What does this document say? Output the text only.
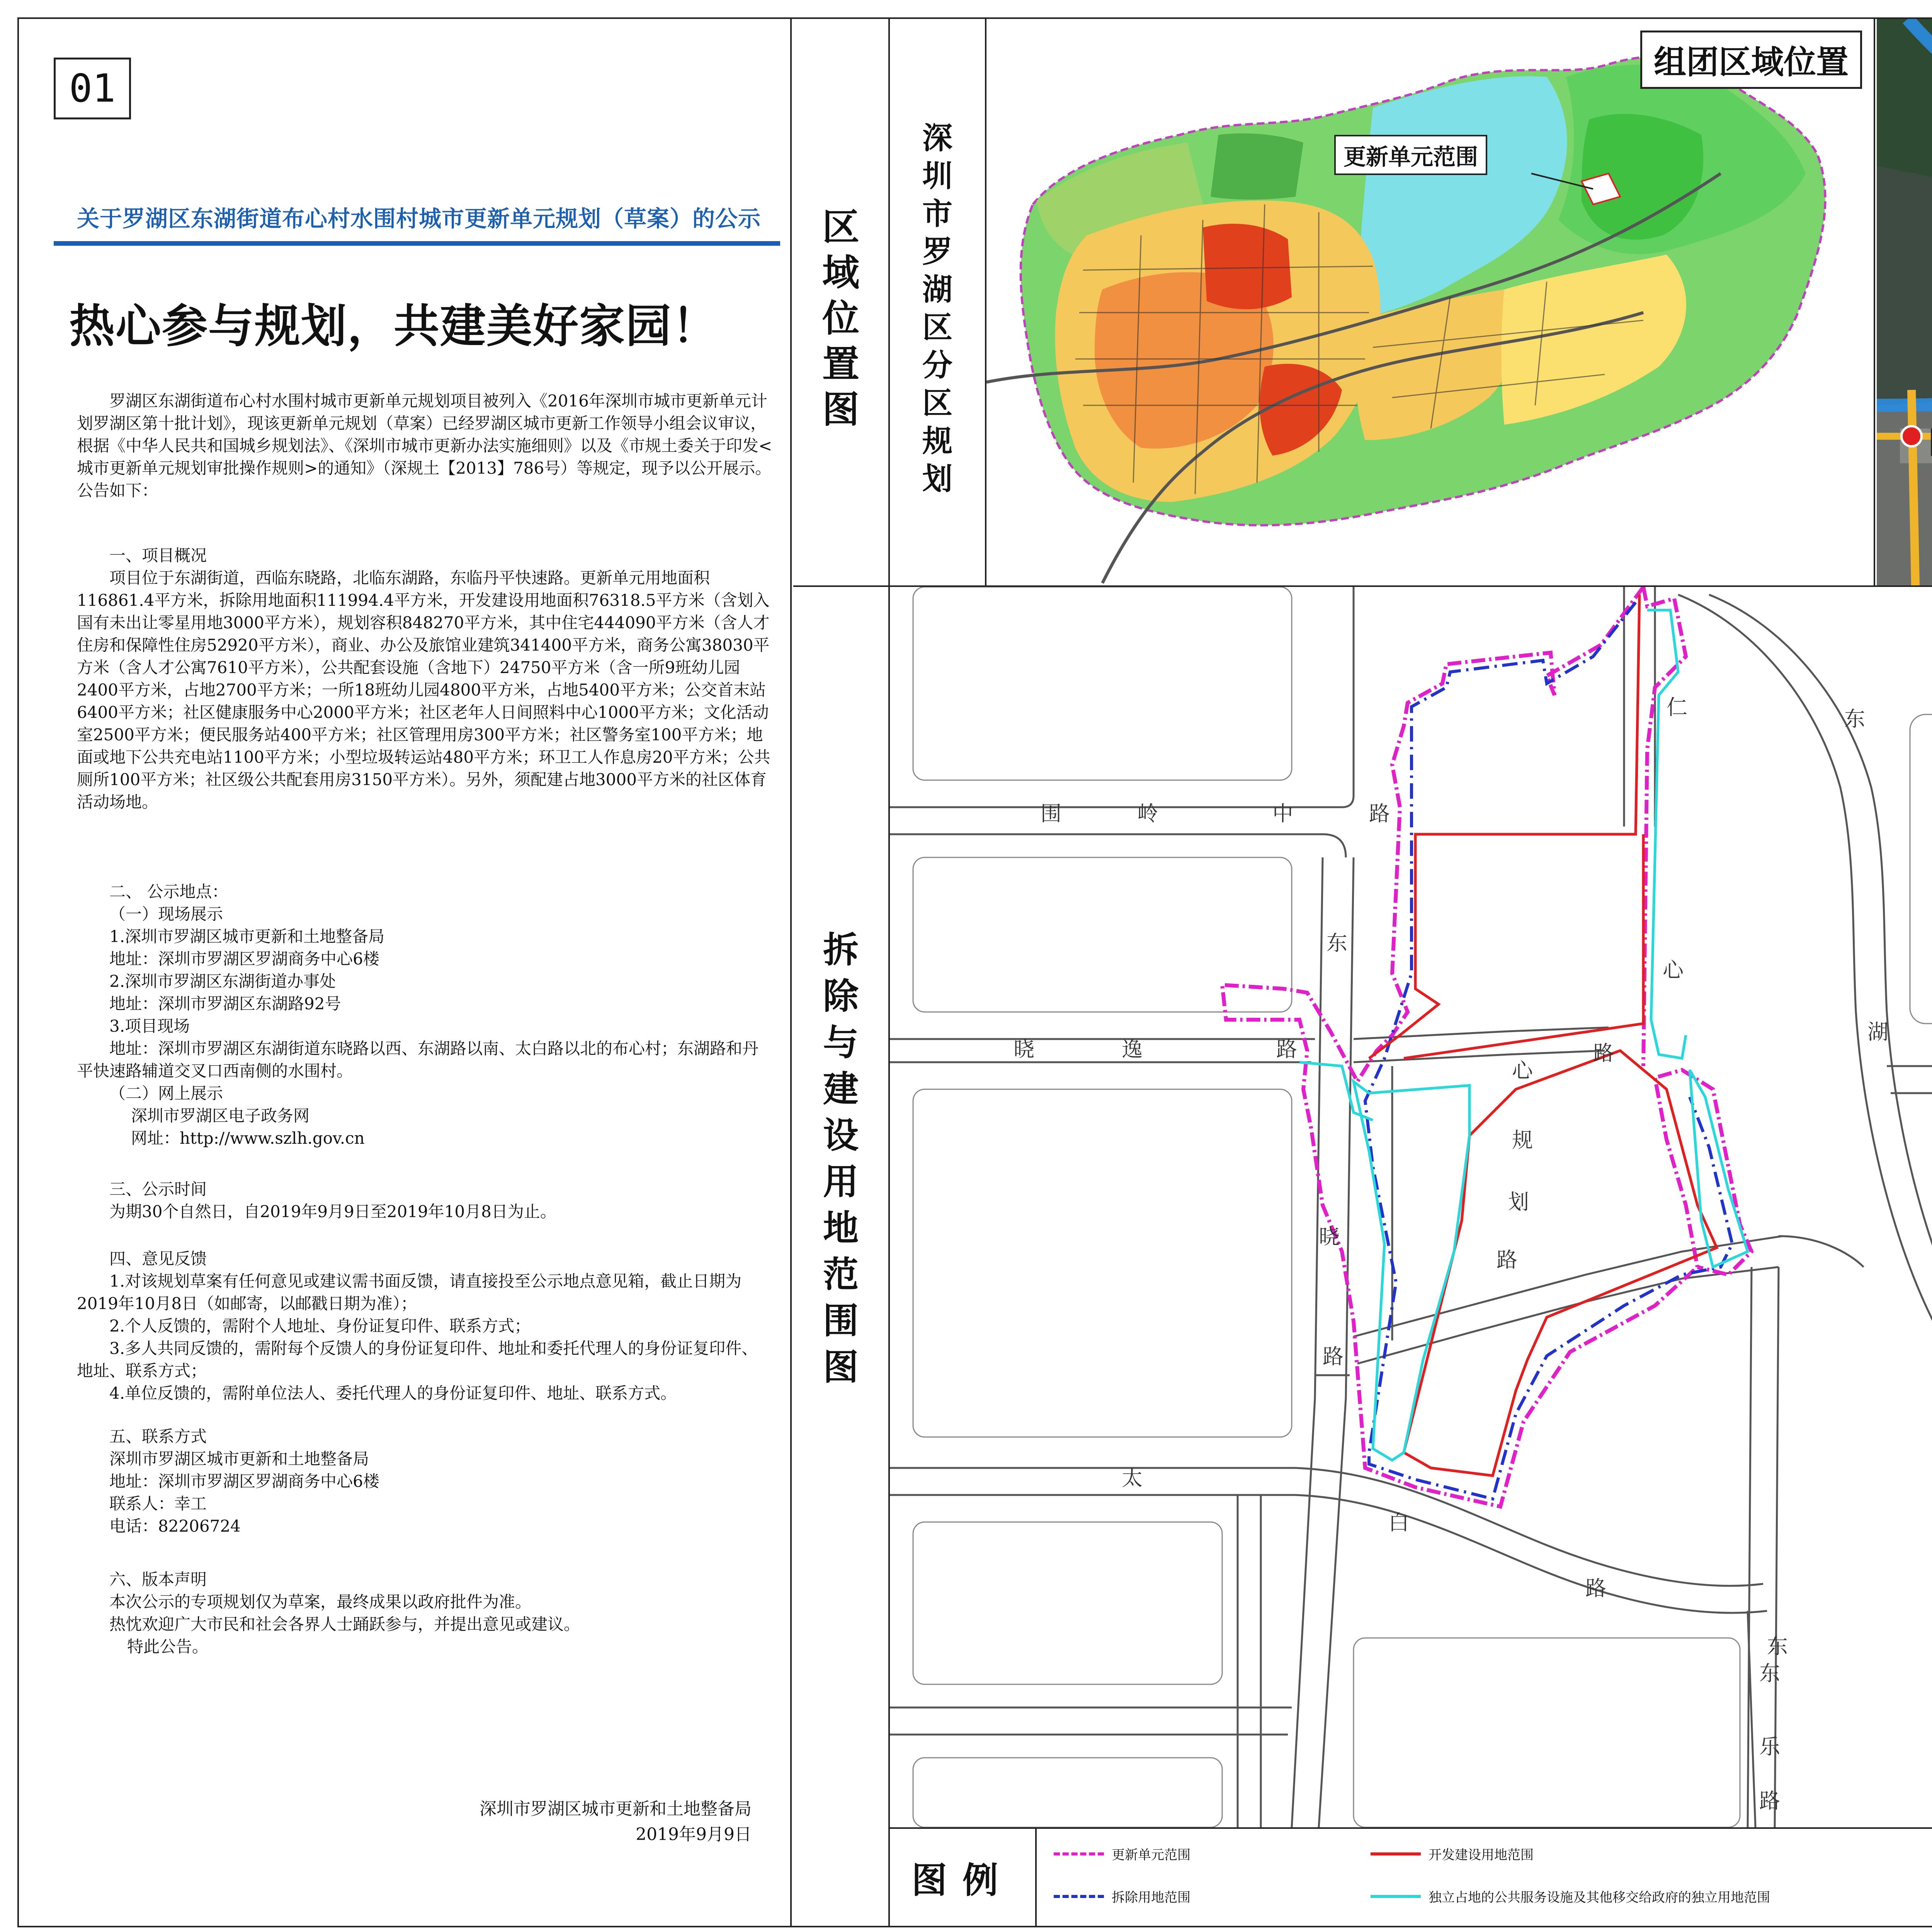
01
关于罗湖区东湖街道布心村水围村城市更新单元规划（草案）的公示
热心参与规划，共建美好家园！

罗湖区东湖街道布心村水围村城市更新单元规划项目被列入《2016年深圳市城市更新单元计划罗湖区第十批计划》，现该更新单元规划（草案）已经罗湖区城市更新工作领导小组会议审议，根据《中华人民共和国城乡规划法》、《深圳市城市更新办法实施细则》以及《市规土委关于印发<城市更新单元规划审批操作规则>的通知》（深规土【2013】786号）等规定，现予以公开展示。公告如下：

一、项目概况

项目位于东湖街道，西临东晓路，北临东湖路，东临丹平快速路。更新单元用地面积116861.4平方米，拆除用地面积111994.4平方米，开发建设用地面积76318.5平方米（含划入国有未出让零星用地3000平方米），规划容积848270平方米，其中住宅444090平方米（含人才住房和保障性住房52920平方米），商业、办公及旅馆业建筑341400平方米，商务公寓38030平方米（含人才公寓7610平方米），公共配套设施（含地下）24750平方米（含一所9班幼儿园2400平方米，占地2700平方米；一所18班幼儿园4800平方米，占地5400平方米；公交首末站6400平方米；社区健康服务中心2000平方米；社区老年人日间照料中心1000平方米；文化活动室2500平方米；便民服务站400平方米；社区管理用房300平方米；社区警务室100平方米；地面或地下公共充电站1100平方米；小型垃圾转运站480平方米；环卫工人作息房20平方米；公共厕所100平方米；社区级公共配套用房3150平方米）。另外，须配建占地3000平方米的社区体育活动场地。

二、 公示地点：

（一）现场展示

1.深圳市罗湖区城市更新和土地整备局

地址：深圳市罗湖区罗湖商务中心6楼

2.深圳市罗湖区东湖街道办事处

地址：深圳市罗湖区东湖路92号

3.项目现场

地址：深圳市罗湖区东湖街道东晓路以西、东湖路以南、太白路以北的布心村；东湖路和丹平快速路辅道交叉口西南侧的水围村。

（二）网上展示

深圳市罗湖区电子政务网

网址：http://www.szlh.gov.cn

三、公示时间

为期30个自然日，自2019年9月9日至2019年10月8日为止。

四、意见反馈

1.对该规划草案有任何意见或建议需书面反馈，请直接投至公示地点意见箱，截止日期为2019年10月8日（如邮寄，以邮戳日期为准）；

2.个人反馈的，需附个人地址、身份证复印件、联系方式；

3.多人共同反馈的，需附每个反馈人的身份证复印件、地址和委托代理人的身份证复印件、地址、联系方式；

4.单位反馈的，需附单位法人、委托代理人的身份证复印件、地址、联系方式。

五、联系方式

深圳市罗湖区城市更新和土地整备局

地址：深圳市罗湖区罗湖商务中心6楼

联系人：幸工

电话：82206724

六、版本声明

本次公示的专项规划仅为草案，最终成果以政府批件为准。

热忱欢迎广大市民和社会各界人士踊跃参与，并提出意见或建议。

特此公告。

深圳市罗湖区城市更新和土地整备局
2019年9月9日
区
域
位
置
图
深
圳
市
罗
湖
区
分
区
规
划
组团区域位置
更新单元范围
拆
除
与
建
设
用
地
范
围
图
围	岭	中	路
仁
心
路
心
规
划
路
晓	逸	路
东
湖
太
白
路
东
乐
路
东
晓
路
东
图例
更新单元范围
拆除用地范围
开发建设用地范围
独立占地的公共服务设施及其他移交给政府的独立用地范围
